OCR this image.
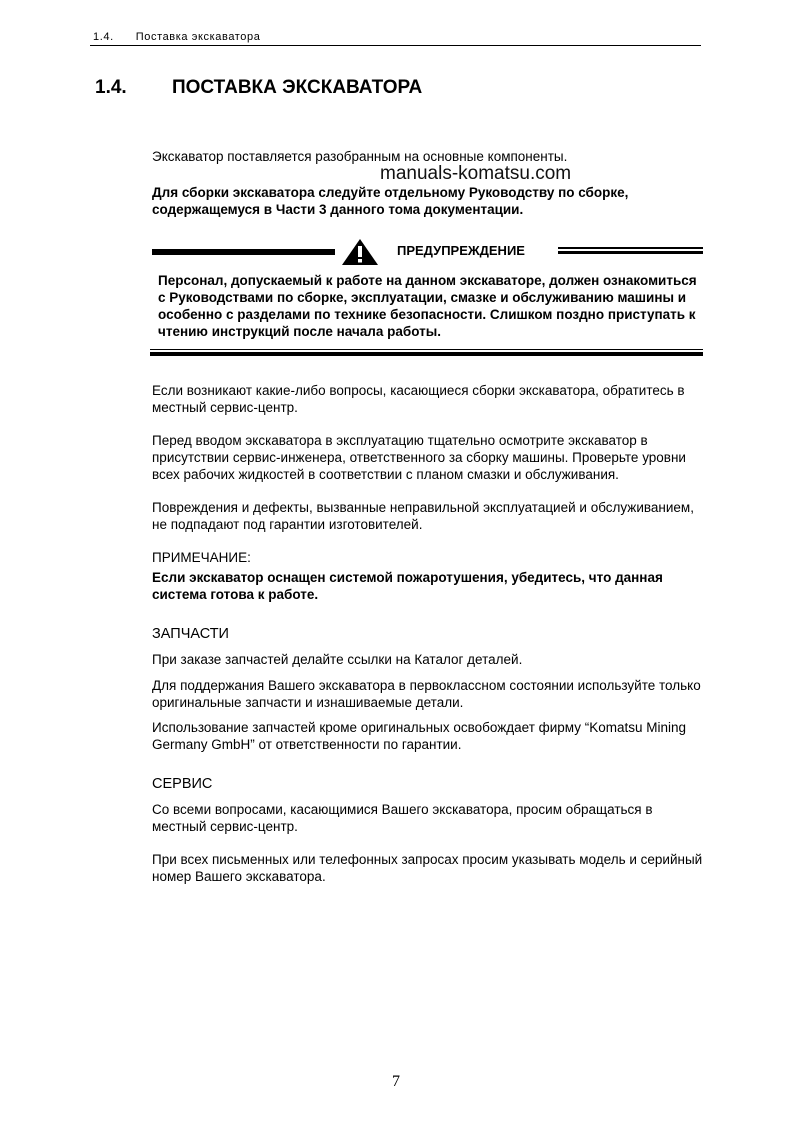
1.4. Поставка экскаватора
1.4. ПОСТАВКА ЭКСКАВАТОРА

Экскаватор поставляется разобранным на основные компоненты.

manuals-komatsu.com

Для сборки экскаватора следуйте отдельному Руководству по сборке, содержащемуся в Части 3 данного тома документации.

ПРЕДУПРЕЖДЕНИЕ

Персонал, допускаемый к работе на данном экскаваторе, должен ознакомиться с Руководствами по сборке, эксплуатации, смазке и обслуживанию машины и особенно с разделами по технике безопасности. Слишком поздно приступать к чтению инструкций после начала работы.

Если возникают какие-либо вопросы, касающиеся сборки экскаватора, обратитесь в местный сервис-центр.

Перед вводом экскаватора в эксплуатацию тщательно осмотрите экскаватор в присутствии сервис-инженера, ответственного за сборку машины. Проверьте уровни всех рабочих жидкостей в соответствии с планом смазки и обслуживания.

Повреждения и дефекты, вызванные неправильной эксплуатацией и обслуживанием, не подпадают под гарантии изготовителей.

ПРИМЕЧАНИЕ:

Если экскаватор оснащен системой пожаротушения, убедитесь, что данная система готова к работе.

ЗАПЧАСТИ

При заказе запчастей делайте ссылки на Каталог деталей.

Для поддержания Вашего экскаватора в первоклассном состоянии используйте только оригинальные запчасти и изнашиваемые детали.

Использование запчастей кроме оригинальных освобождает фирму “Komatsu Mining Germany GmbH” от ответственности по гарантии.

СЕРВИС

Со всеми вопросами, касающимися Вашего экскаватора, просим обращаться в местный сервис-центр.

При всех письменных или телефонных запросах просим указывать модель и серийный номер Вашего экскаватора.

7
